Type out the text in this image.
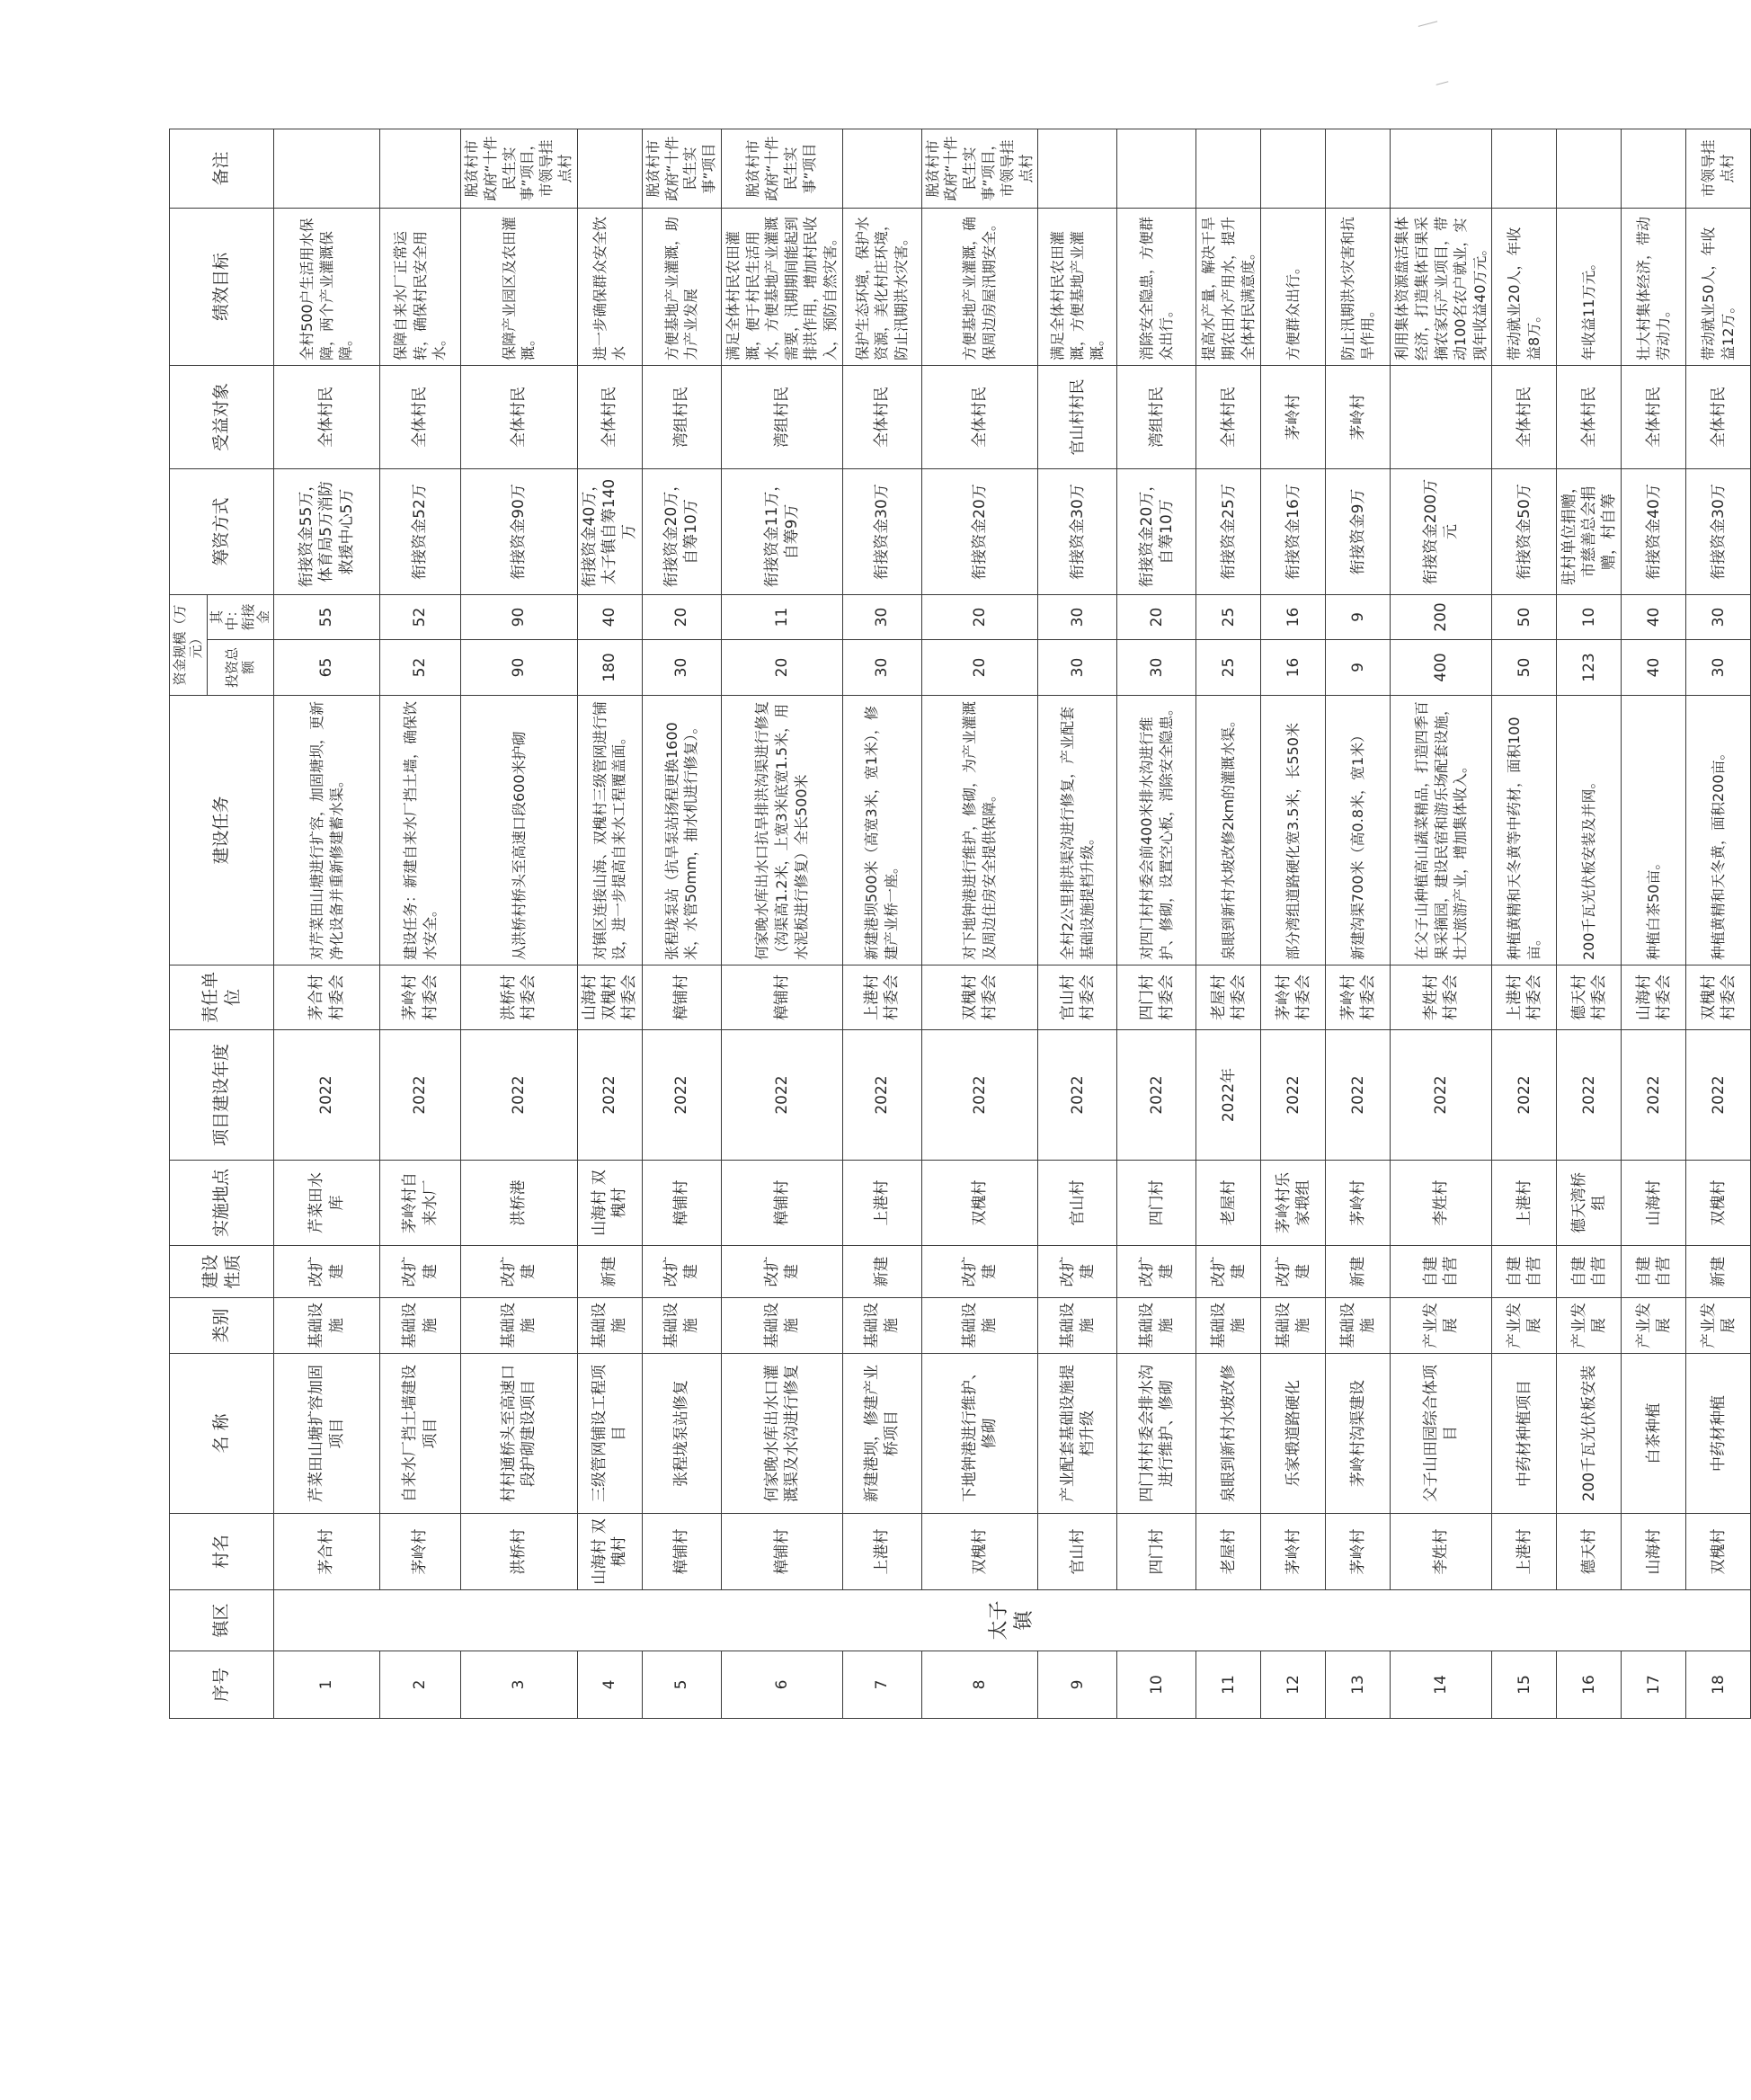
序号	镇区	村名	名 称	类别	建设性质	实施地点	项目建设年度	责任单位	建设任务	资金规模（万元）		筹资方式	受益对象	绩效目标	备注
										投资总额	其中：衔接金				
1	太子镇	茅合村	芹菜田山塘扩容加固项目	基础设施	改扩建	芹菜田水库	2022	茅合村村委会	对芹菜田山塘进行扩容，加固塘坝，更新净化设备并重新修建蓄水渠。	65	55	衔接资金55万，体育局5万消防救援中心5万	全体村民	全村500户生活用水保障，两个产业灌溉保障。	
2		茅岭村	自来水厂挡土墙建设项目	基础设施	改扩建	茅岭村自来水厂	2022	茅岭村村委会	建设任务：新建自来水厂挡土墙，确保饮水安全。	52	52	衔接资金52万	全体村民	保障自来水厂正常运转，确保村民安全用水。	
3		洪桥村	村村通桥头至高速口段护砌建设项目	基础设施	改扩建	洪桥港	2022	洪桥村村委会	从洪桥村桥头至高速口段600米护砌	90	90	衔接资金90万	全体村民	保障产业园区及农田灌溉。	脱贫村市政府“十件民生实事”项目，市领导挂点村
4		山海村 双槐村	三级管网铺设工程项目	基础设施	新建	山海村 双槐村	2022	山海村 双槐村村委会	对镇区连接山海、双槐村三级管网进行铺设，进一步提高自来水工程覆盖面。	180	40	衔接资金40万，太子镇自筹140万	全体村民	进一步确保群众安全饮水	
5		樟铺村	张程垅泵站修复	基础设施	改扩建	樟铺村	2022	樟铺村	张程垅泵站（抗旱泵站扬程更换1600米，水管50mm，抽水机进行修复）。	30	20	衔接资金20万，自筹10万	湾组村民	方便基地产业灌溉，助力产业发展	脱贫村市政府“十件民生实事”项目
6		樟铺村	何家晚水库出水口灌溉渠及水沟进行修复	基础设施	改扩建	樟铺村	2022	樟铺村	何家晚水库出水口抗旱排洪沟渠进行修复（沟渠高1.2米，上宽3米底宽1.5米，用水泥板进行修复）全长500米	20	11	衔接资金11万，自筹9万	湾组村民	满足全体村民农田灌溉，便于村民生活用水，方便基地产业灌溉需要，汛期期间能起到排洪作用，增加村民收入，预防自然灾害。	脱贫村市政府“十件民生实事”项目
7		上港村	新建港坝，修建产业桥项目	基础设施	新建	上港村	2022	上港村村委会	新建港坝500米（高宽3米，宽1米），修建产业桥一座。	30	30	衔接资金30万	全体村民	保护生态环境，保护水资源，美化村庄环境，防止汛期洪水灾害。	
8		双槐村	下地钟港进行维护、修砌	基础设施	改扩建	双槐村	2022	双槐村村委会	对下地钟港进行维护，修砌，为产业灌溉及周边住房安全提供保障。	20	20	衔接资金20万	全体村民	方便基地产业灌溉，确保周边房屋汛期安全。	脱贫村市政府“十件民生实事”项目，市领导挂点村
9		官山村	产业配套基础设施提档升级	基础设施	改扩建	官山村	2022	官山村村委会	全村2公里排洪渠沟进行修复，产业配套基础设施提档升级。	30	30	衔接资金30万	官山村村民	满足全体村民农田灌溉，方便基地产业灌溉。	
10		四门村	四门村村委会排水沟进行维护、修砌	基础设施	改扩建	四门村	2022	四门村村委会	对四门村村委会前400米排水沟进行维护、修砌，设置空心板，消除安全隐患。	30	20	衔接资金20万，自筹10万	湾组村民	消除安全隐患，方便群众出行。	
11		老屋村	泉眼到新村水坡改修	基础设施	改扩建	老屋村	2022年	老屋村村委会	泉眼到新村水坡改修2km的灌溉水渠。	25	25	衔接资金25万	全体村民	提高水产量，解决干旱期农田水产用水，提升全体村民满意度。	
12		茅岭村	乐家塅道路硬化	基础设施	改扩建	茅岭村乐家塅组	2022	茅岭村村委会	部分湾组道路硬化宽3.5米，长550米	16	16	衔接资金16万	茅岭村	方便群众出行。	
13		茅岭村	茅岭村沟渠建设	基础设施	新建	茅岭村	2022	茅岭村村委会	新建沟渠700米（高0.8米，宽1米）	9	9	衔接资金9万	茅岭村	防止汛期洪水灾害和抗旱作用。	
14		李姓村	父子山田园综合体项目	产业发展	自建自营	李姓村	2022	李姓村村委会	在父子山种植高山蔬菜精品，打造四季百果采摘园，建设民宿和游乐场配套设施，壮大旅游产业，增加集体收入。	400	200	衔接资金200万元		利用集体资源盘活集体经济，打造集体百果采摘农家乐产业项目，带动100名农户就业，实现年收益40万元。	
15		上港村	中药材种植项目	产业发展	自建自营	上港村	2022	上港村村委会	种植黄精和天冬黄等中药材，面积100亩。	50	50	衔接资金50万	全体村民	带动就业20人，年收益8万。	
16		德天村	200千瓦光伏板安装	产业发展	自建自营	德天湾桥组	2022	德天村村委会	200千瓦光伏板安装及并网。	123	10	驻村单位捐赠，市慈善总会捐赠，村自筹	全体村民	年收益11万元。	
17		山海村	白茶种植	产业发展	自建自营	山海村	2022	山海村村委会	种植白茶50亩。	40	40	衔接资金40万	全体村民	壮大村集体经济，带动劳动力。	
18		双槐村	中药材种植	产业发展	新建	双槐村	2022	双槐村村委会	种植黄精和天冬黄，面积200亩。	30	30	衔接资金30万	全体村民	带动就业50人，年收益12万。	市领导挂点村
